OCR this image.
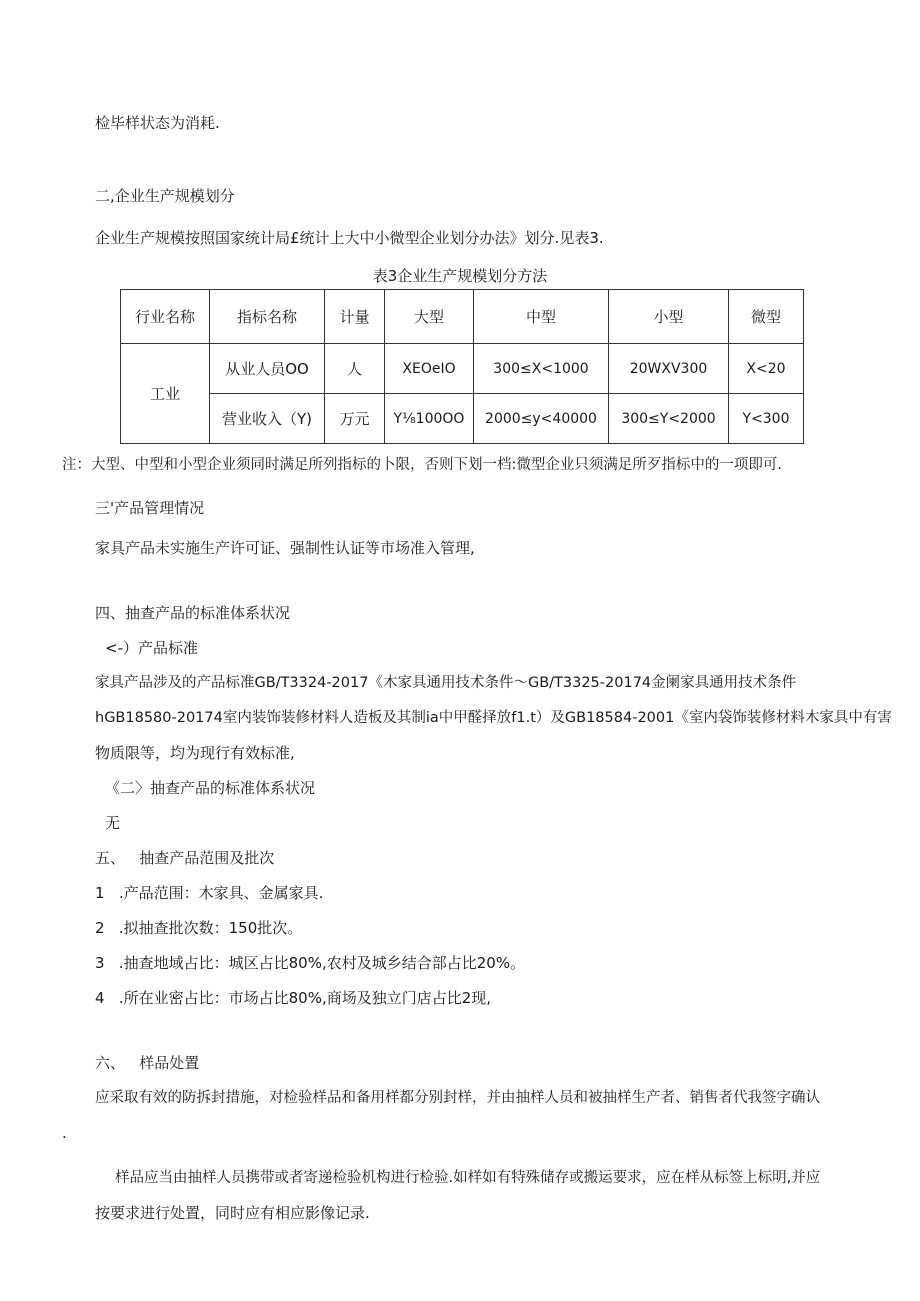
检毕样状态为消耗.
二,企业生产规模划分
企业生产规模按照国家统计局£统计上大中小微型企业划分办法》划分.见表3.
表3企业生产规模划分方法
行业名称	指标名称	计量	大型	中型	小型	微型
工业	从业人员OO	人	XEOeIO	300≤X<1000	20WXV300	X<20
	营业收入（Y)	万元	Y⅛100OO	2000≤y<40000	300≤Y<2000	Y<300
注：大型、中型和小型企业须同时满足所列指标的卜限，否则下划一档:微型企业只须满足所歹指标中的一项即可.
三'产品管理情况
家具产品未实施生产许可证、强制性认证等市场准入管理,
四、抽查产品的标准体系状况
<-）产品标准
家具产品涉及的产品标准GB/T3324-2017《木家具通用技术条件〜GB/T3325-20174金阑家具通用技术条件
hGB18580-20174室内装饰装修材料人造板及其制ia中甲醛择放f1.t）及GB18584-2001《室内袋饰装修材料木家具中有害
物质限等，均为现行有效标准,
《二〉抽查产品的标准体系状况
无
五、   抽查产品范围及批次
1   .产品范围：木家具、金属家具.
2   .拟抽查批次数：150批次。
3   .抽查地域占比：城区占比80%,农村及城乡结合部占比20%。
4   .所在业密占比：市场占比80%,商场及独立门店占比2现,
六、   样品处置
应采取有效的防拆封措施，对检验样品和备用样都分别封样，并由抽样人员和被抽样生产者、销售者代我签字确认
.
样品应当由抽样人员携带或者寄递检验机构进行检验.如样如有特殊储存或搬运要求，应在样从标签上标明,并应
按要求进行处置，同时应有相应影像记录.
